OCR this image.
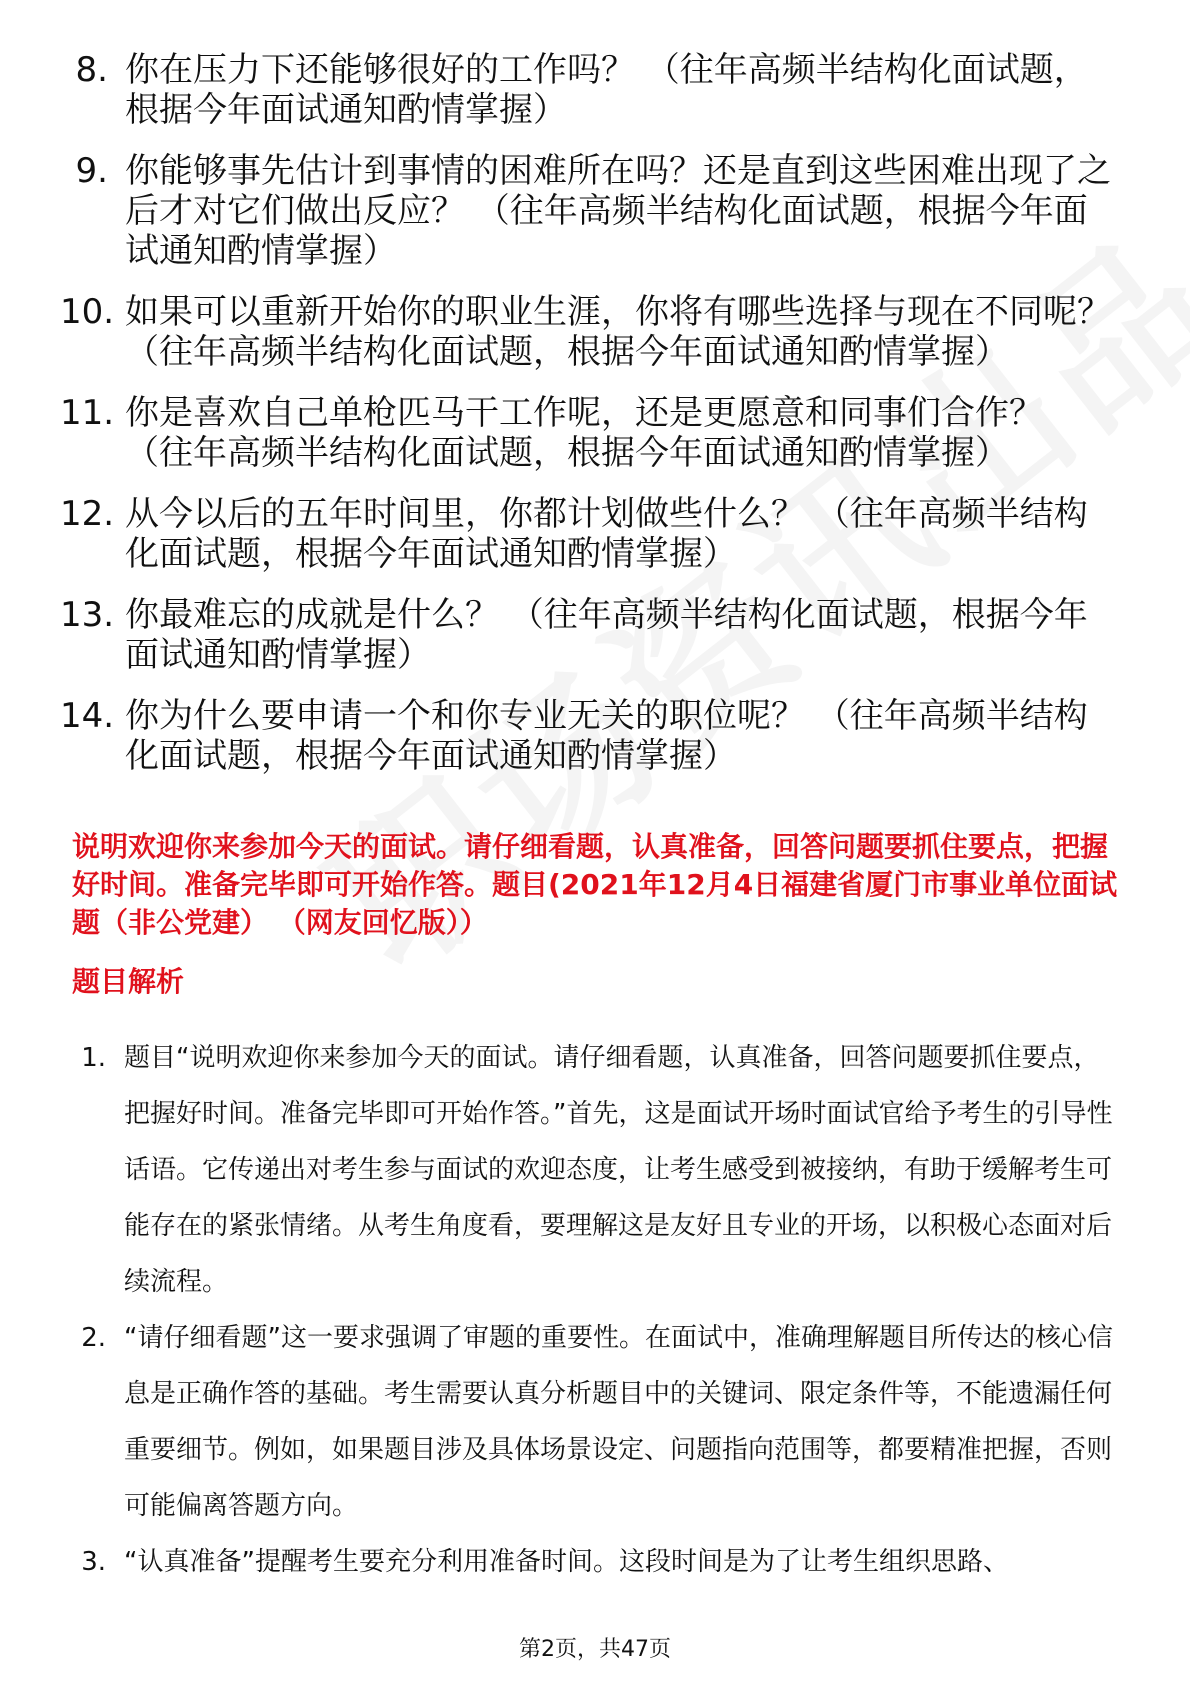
8. 你在压力下还能够很好的工作吗？ （往年高频半结构化面试题，根据今年面试通知酌情掌握）
9. 你能够事先估计到事情的困难所在吗？还是直到这些困难出现了之后才对它们做出反应？ （往年高频半结构化面试题，根据今年面试通知酌情掌握）
10. 如果可以重新开始你的职业生涯，你将有哪些选择与现在不同呢？ （往年高频半结构化面试题，根据今年面试通知酌情掌握）
11. 你是喜欢自己单枪匹马干工作呢，还是更愿意和同事们合作？ （往年高频半结构化面试题，根据今年面试通知酌情掌握）
12. 从今以后的五年时间里，你都计划做些什么？ （往年高频半结构化面试题，根据今年面试通知酌情掌握）
13. 你最难忘的成就是什么？ （往年高频半结构化面试题，根据今年面试通知酌情掌握）
14. 你为什么要申请一个和你专业无关的职位呢？ （往年高频半结构化面试题，根据今年面试通知酌情掌握）
说明欢迎你来参加今天的面试。请仔细看题，认真准备，回答问题要抓住要点，把握好时间。准备完毕即可开始作答。题目(2021年12月4日福建省厦门市事业单位面试题（非公党建） （网友回忆版））
题目解析
1. 题目“说明欢迎你来参加今天的面试。请仔细看题，认真准备，回答问题要抓住要点，把握好时间。准备完毕即可开始作答。”首先，这是面试开场时面试官给予考生的引导性话语。它传递出对考生参与面试的欢迎态度，让考生感受到被接纳，有助于缓解考生可能存在的紧张情绪。从考生角度看，要理解这是友好且专业的开场，以积极心态面对后续流程。
2. “请仔细看题”这一要求强调了审题的重要性。在面试中，准确理解题目所传达的核心信息是正确作答的基础。考生需要认真分析题目中的关键词、限定条件等，不能遗漏任何重要细节。例如，如果题目涉及具体场景设定、问题指向范围等，都要精准把握，否则可能偏离答题方向。
3. “认真准备”提醒考生要充分利用准备时间。这段时间是为了让考生组织思路、
第2页，共47页
